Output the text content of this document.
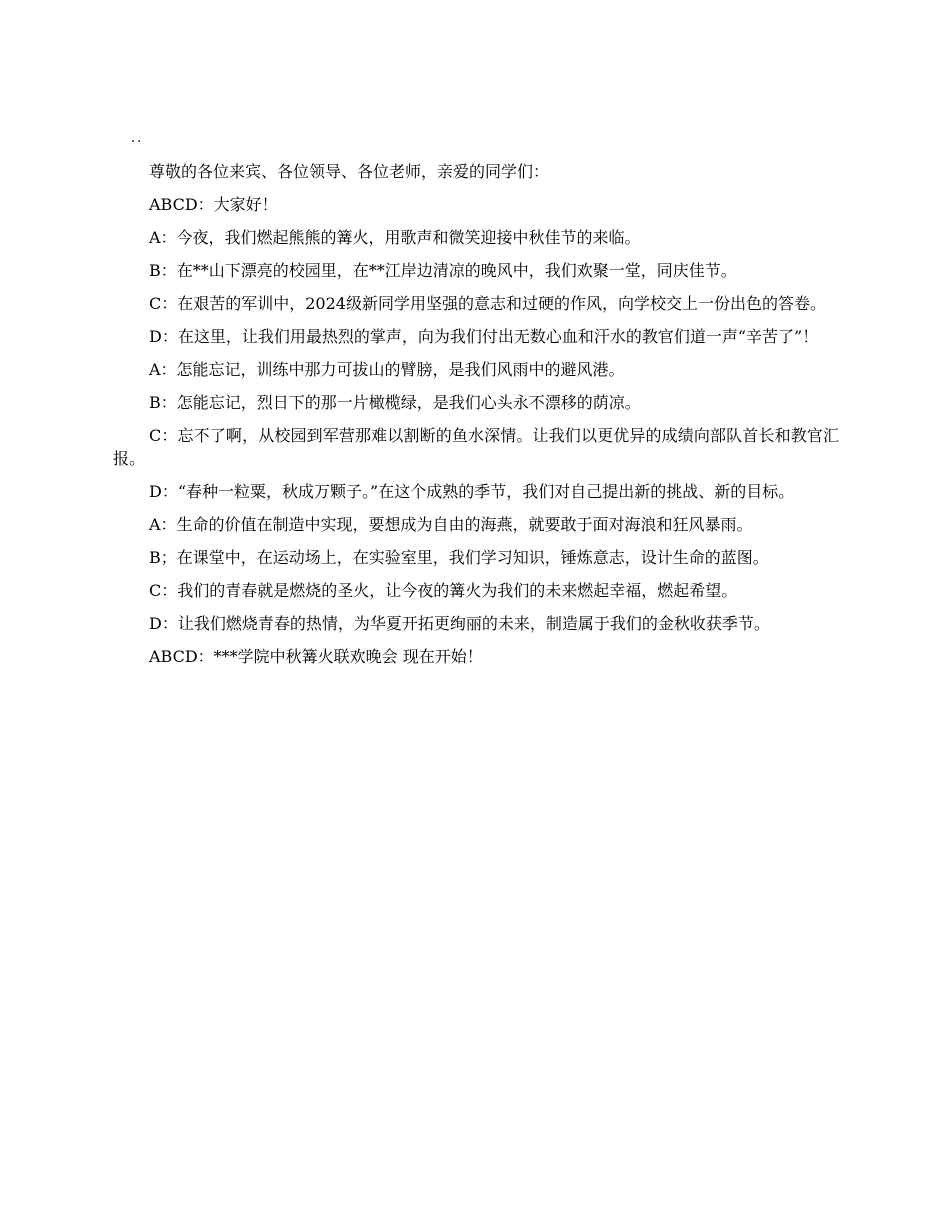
..

尊敬的各位来宾、各位领导、各位老师，亲爱的同学们：

ABCD：大家好！

A：今夜，我们燃起熊熊的篝火，用歌声和微笑迎接中秋佳节的来临。

B：在**山下漂亮的校园里，在**江岸边清凉的晚风中，我们欢聚一堂，同庆佳节。

C：在艰苦的军训中，2024级新同学用坚强的意志和过硬的作风，向学校交上一份出色的答卷。

D：在这里，让我们用最热烈的掌声，向为我们付出无数心血和汗水的教官们道一声“辛苦了”！

A：怎能忘记，训练中那力可拔山的臂膀，是我们风雨中的避风港。

B：怎能忘记，烈日下的那一片橄榄绿，是我们心头永不漂移的荫凉。

C：忘不了啊，从校园到军营那难以割断的鱼水深情。让我们以更优异的成绩向部队首长和教官汇报。

D：“春种一粒粟，秋成万颗子。”在这个成熟的季节，我们对自己提出新的挑战、新的目标。

A：生命的价值在制造中实现，要想成为自由的海燕，就要敢于面对海浪和狂风暴雨。

B；在课堂中，在运动场上，在实验室里，我们学习知识，锤炼意志，设计生命的蓝图。

C：我们的青春就是燃烧的圣火，让今夜的篝火为我们的未来燃起幸福，燃起希望。

D：让我们燃烧青春的热情，为华夏开拓更绚丽的未来，制造属于我们的金秋收获季节。

ABCD：***学院中秋篝火联欢晚会 现在开始！
